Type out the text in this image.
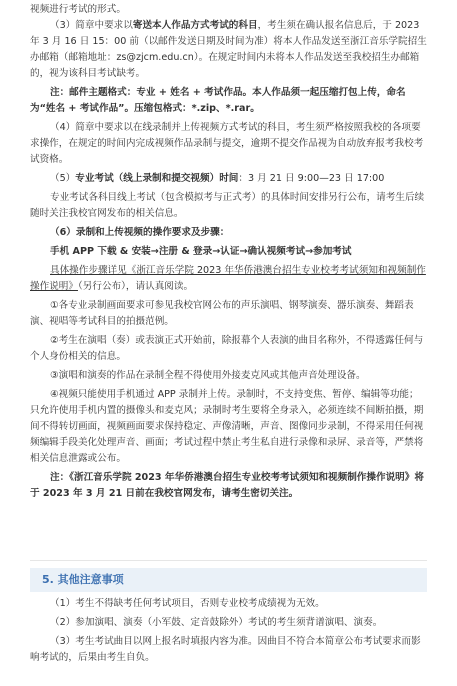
视频进行考试的形式。

（3）简章中要求以寄送本人作品方式考试的科目，考生须在确认报名信息后，于 2023 年 3 月 16 日 15：00 前（以邮件发送日期及时间为准）将本人作品发送至浙江音乐学院招生办邮箱（邮箱地址：zs@zjcm.edu.cn）。在规定时间内未将本人作品发送至我校招生办邮箱的，视为该科目考试缺考。

注：邮件主题格式：专业 + 姓名 + 考试作品。本人作品须一起压缩打包上传，命名为“姓名 + 考试作品”。压缩包格式：*.zip、*.rar。

（4）简章中要求以在线录制并上传视频方式考试的科目，考生须严格按照我校的各项要求操作，在规定的时间内完成视频作品录制与提交，逾期不提交作品视为自动放弃报考我校考试资格。

（5）专业考试（线上录制和提交视频）时间：3 月 21 日 9:00—23 日 17:00

专业考试各科目线上考试（包含模拟考与正式考）的具体时间安排另行公布，请考生后续随时关注我校官网发布的相关信息。

（6）录制和上传视频的操作要求及步骤：

手机 APP 下载 & 安装→注册 & 登录→认证→确认视频考试→参加考试

具体操作步骤详见《浙江音乐学院 2023 年华侨港澳台招生专业校考考试须知和视频制作操作说明》（另行公布），请认真阅读。

①各专业录制画面要求可参见我校官网公布的声乐演唱、钢琴演奏、器乐演奏、舞蹈表演、视唱等考试科目的拍摄范例。

②考生在演唱（奏）或表演正式开始前，除报幕个人表演的曲目名称外，不得透露任何与个人身份相关的信息。

③演唱和演奏的作品在录制全程不得使用外接麦克风或其他声音处理设备。

④视频只能使用手机通过 APP 录制并上传。录制时，不支持变焦、暂停、编辑等功能；只允许使用手机内置的摄像头和麦克风；录制时考生要将全身录入，必须连续不间断拍摄，期间不得转切画面，视频画面要求保持稳定、声像清晰，声音、图像同步录制，不得采用任何视频编辑手段美化处理声音、画面；考试过程中禁止考生私自进行录像和录屏、录音等，严禁将相关信息泄露或公布。

注：《浙江音乐学院 2023 年华侨港澳台招生专业校考考试须知和视频制作操作说明》将于 2023 年 3 月 21 日前在我校官网发布，请考生密切关注。

5. 其他注意事项

（1）考生不得缺考任何考试项目，否则专业校考成绩视为无效。

（2）参加演唱、演奏（小军鼓、定音鼓除外）考试的考生须背谱演唱、演奏。

（3）考生考试曲目以网上报名时填报内容为准。因曲目不符合本简章公布考试要求而影响考试的，后果由考生自负。
